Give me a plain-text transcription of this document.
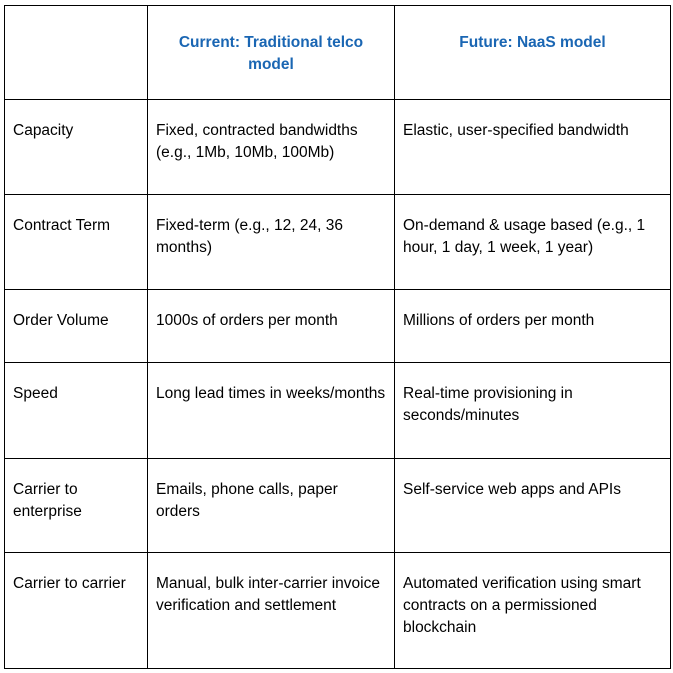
	Current: Traditional telco model	Future: NaaS model
Capacity	Fixed, contracted bandwidths (e.g., 1Mb, 10Mb, 100Mb)	Elastic, user-specified bandwidth
Contract Term	Fixed-term (e.g., 12, 24, 36 months)	On-demand & usage based (e.g., 1 hour, 1 day, 1 week, 1 year)
Order Volume	1000s of orders per month	Millions of orders per month
Speed	Long lead times in weeks/months	Real-time provisioning in seconds/minutes
Carrier to enterprise	Emails, phone calls, paper orders	Self-service web apps and APIs
Carrier to carrier	Manual, bulk inter-carrier invoice verification and settlement	Automated verification using smart contracts on a permissioned blockchain
